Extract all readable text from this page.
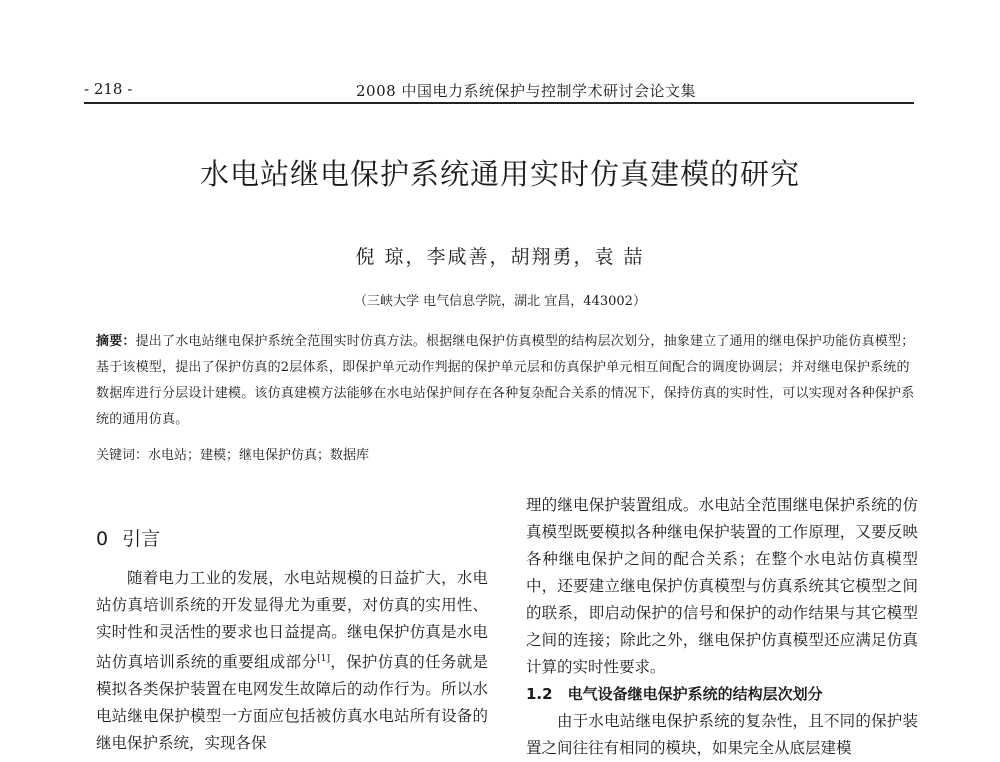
- 218 -	2008 中国电力系统保护与控制学术研讨会论文集
水电站继电保护系统通用实时仿真建模的研究
倪 琼，李咸善，胡翔勇，袁 喆
（三峡大学 电气信息学院，湖北 宜昌，443002）
摘要：提出了水电站继电保护系统全范围实时仿真方法。根据继电保护仿真模型的结构层次划分，抽象建立了通用的继电保护功能仿真模型；基于该模型，提出了保护仿真的2层体系，即保护单元动作判据的保护单元层和仿真保护单元相互间配合的调度协调层；并对继电保护系统的数据库进行分层设计建模。该仿真建模方法能够在水电站保护间存在各种复杂配合关系的情况下，保持仿真的实时性，可以实现对各种保护系统的通用仿真。
关键词：水电站；建模；继电保护仿真；数据库
0 引言

随着电力工业的发展，水电站规模的日益扩大，水电站仿真培训系统的开发显得尤为重要，对仿真的实用性、实时性和灵活性的要求也日益提高。继电保护仿真是水电站仿真培训系统的重要组成部分[1]，保护仿真的任务就是模拟各类保护装置在电网发生故障后的动作行为。所以水电站继电保护模型一方面应包括被仿真水电站所有设备的继电保护系统，实现各保

理的继电保护装置组成。水电站全范围继电保护系统的仿真模型既要模拟各种继电保护装置的工作原理，又要反映各种继电保护之间的配合关系；在整个水电站仿真模型中，还要建立继电保护仿真模型与仿真系统其它模型之间的联系，即启动保护的信号和保护的动作结果与其它模型之间的连接；除此之外，继电保护仿真模型还应满足仿真计算的实时性要求。

1.2　电气设备继电保护系统的结构层次划分

由于水电站继电保护系统的复杂性，且不同的保护装置之间往往有相同的模块，如果完全从底层建模
